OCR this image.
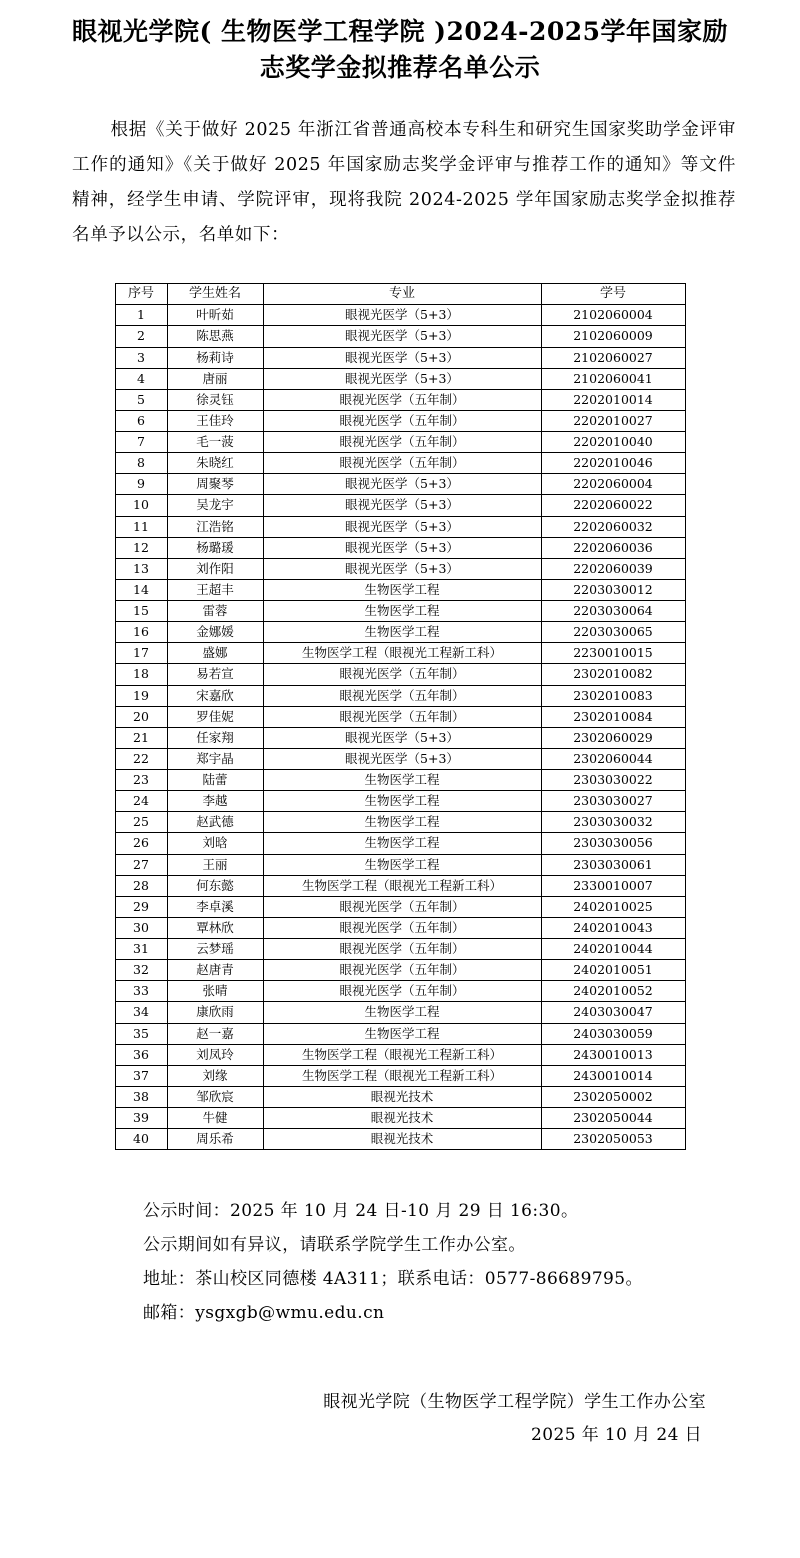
眼视光学院( 生物医学工程学院 )2024-2025学年国家励志奖学金拟推荐名单公示

根据《关于做好 2025 年浙江省普通高校本专科生和研究生国家奖助学金评审工作的通知》《关于做好 2025 年国家励志奖学金评审与推荐工作的通知》等文件精神，经学生申请、学院评审，现将我院 2024-2025 学年国家励志奖学金拟推荐名单予以公示，名单如下：

序号	学生姓名	专业	学号
1	叶昕茹	眼视光医学（5+3）	2102060004
2	陈思燕	眼视光医学（5+3）	2102060009
3	杨莉诗	眼视光医学（5+3）	2102060027
4	唐丽	眼视光医学（5+3）	2102060041
5	徐灵钰	眼视光医学（五年制）	2202010014
6	王佳玲	眼视光医学（五年制）	2202010027
7	毛一菠	眼视光医学（五年制）	2202010040
8	朱晓红	眼视光医学（五年制）	2202010046
9	周聚琴	眼视光医学（5+3）	2202060004
10	吴龙宇	眼视光医学（5+3）	2202060022
11	江浩铭	眼视光医学（5+3）	2202060032
12	杨璐瑗	眼视光医学（5+3）	2202060036
13	刘作阳	眼视光医学（5+3）	2202060039
14	王超丰	生物医学工程	2203030012
15	雷蓉	生物医学工程	2203030064
16	金娜媛	生物医学工程	2203030065
17	盛娜	生物医学工程（眼视光工程新工科）	2230010015
18	易若宣	眼视光医学（五年制）	2302010082
19	宋嘉欣	眼视光医学（五年制）	2302010083
20	罗佳妮	眼视光医学（五年制）	2302010084
21	任家翔	眼视光医学（5+3）	2302060029
22	郑宇晶	眼视光医学（5+3）	2302060044
23	陆蕾	生物医学工程	2303030022
24	李越	生物医学工程	2303030027
25	赵武德	生物医学工程	2303030032
26	刘晗	生物医学工程	2303030056
27	王丽	生物医学工程	2303030061
28	何东懿	生物医学工程（眼视光工程新工科）	2330010007
29	李卓溪	眼视光医学（五年制）	2402010025
30	覃林欣	眼视光医学（五年制）	2402010043
31	云梦瑶	眼视光医学（五年制）	2402010044
32	赵唐青	眼视光医学（五年制）	2402010051
33	张晴	眼视光医学（五年制）	2402010052
34	康欣雨	生物医学工程	2403030047
35	赵一嘉	生物医学工程	2403030059
36	刘凤玲	生物医学工程（眼视光工程新工科）	2430010013
37	刘缘	生物医学工程（眼视光工程新工科）	2430010014
38	邹欣宸	眼视光技术	2302050002
39	牛健	眼视光技术	2302050044
40	周乐希	眼视光技术	2302050053
公示时间：2025 年 10 月 24 日-10 月 29 日 16:30。
公示期间如有异议，请联系学院学生工作办公室。
地址：茶山校区同德楼 4A311；联系电话：0577-86689795。
邮箱：ysgxgb@wmu.edu.cn
眼视光学院（生物医学工程学院）学生工作办公室
2025 年 10 月 24 日
